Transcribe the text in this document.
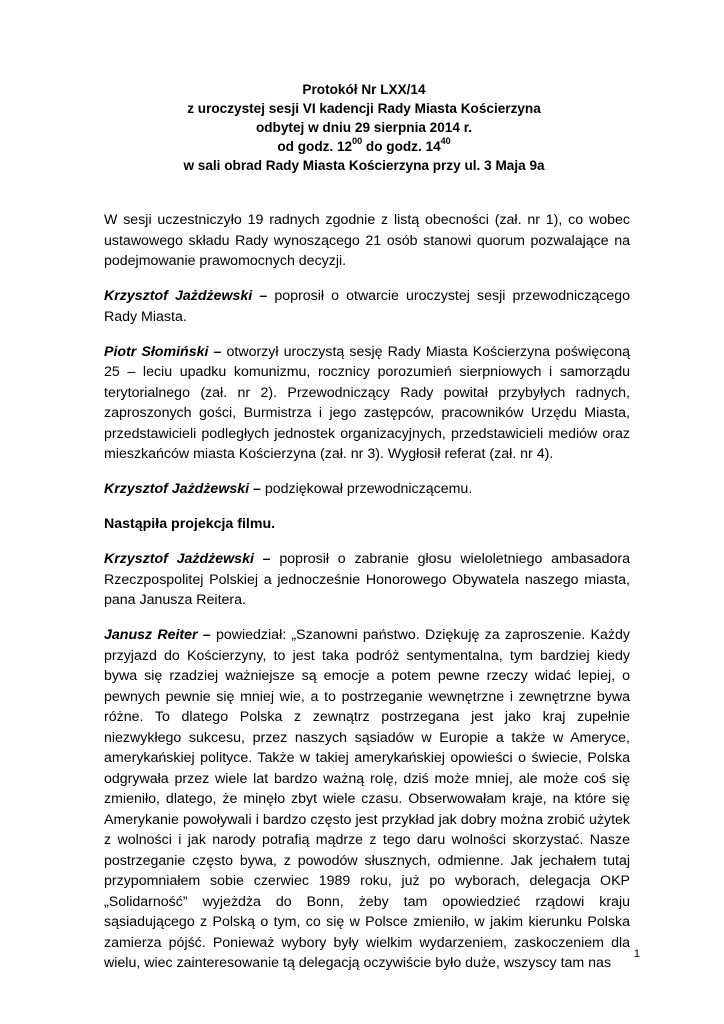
Protokół Nr LXX/14
z uroczystej sesji VI kadencji Rady Miasta Kościerzyna
odbytej w dniu 29 sierpnia 2014 r.
od godz. $12^{00}$ do godz. $14^{40}$
w sali obrad Rady Miasta Kościerzyna przy ul. 3 Maja 9a

W sesji uczestniczyło 19 radnych zgodnie z listą obecności (zał. nr 1), co wobec ustawowego składu Rady wynoszącego 21 osób stanowi quorum pozwalające na podejmowanie prawomocnych decyzji.

Krzysztof Jażdżewski – poprosił o otwarcie uroczystej sesji przewodniczącego Rady Miasta.

Piotr Słomiński – otworzył uroczystą sesję Rady Miasta Kościerzyna poświęconą 25 – leciu upadku komunizmu, rocznicy porozumień sierpniowych i samorządu terytorialnego (zał. nr 2). Przewodniczący Rady powitał przybyłych radnych, zaproszonych gości, Burmistrza i jego zastępców, pracowników Urzędu Miasta, przedstawicieli podległych jednostek organizacyjnych, przedstawicieli mediów oraz mieszkańców miasta Kościerzyna (zał. nr 3). Wygłosił referat (zał. nr 4).

Krzysztof Jażdżewski – podziękował przewodniczącemu.

Nastąpiła projekcja filmu.

Krzysztof Jażdżewski – poprosił o zabranie głosu wieloletniego ambasadora Rzeczpospolitej Polskiej a jednocześnie Honorowego Obywatela naszego miasta, pana Janusza Reitera.

Janusz Reiter – powiedział: „Szanowni państwo. Dziękuję za zaproszenie. Każdy przyjazd do Kościerzyny, to jest taka podróż sentymentalna, tym bardziej kiedy bywa się rzadziej ważniejsze są emocje a potem pewne rzeczy widać lepiej, o pewnych pewnie się mniej wie, a to postrzeganie wewnętrzne i zewnętrzne bywa różne. To dlatego Polska z zewnątrz postrzegana jest jako kraj zupełnie niezwykłego sukcesu, przez naszych sąsiadów w Europie a także w Ameryce, amerykańskiej polityce. Także w takiej amerykańskiej opowieści o świecie, Polska odgrywała przez wiele lat bardzo ważną rolę, dziś może mniej, ale może coś się zmieniło, dlatego, że minęło zbyt wiele czasu. Obserwowałam kraje, na które się Amerykanie powoływali i bardzo często jest przykład jak dobry można zrobić użytek z wolności i jak narody potrafią mądrze z tego daru wolności skorzystać. Nasze postrzeganie często bywa, z powodów słusznych, odmienne. Jak jechałem tutaj przypomniałem sobie czerwiec 1989 roku, już po wyborach, delegacja OKP „Solidarność” wyjeżdża do Bonn, żeby tam opowiedzieć rządowi kraju sąsiadującego z Polską o tym, co się w Polsce zmieniło, w jakim kierunku Polska zamierza pójść. Ponieważ wybory były wielkim wydarzeniem, zaskoczeniem dla wielu, wiec zainteresowanie tą delegacją oczywiście było duże, wszyscy tam nas

1
